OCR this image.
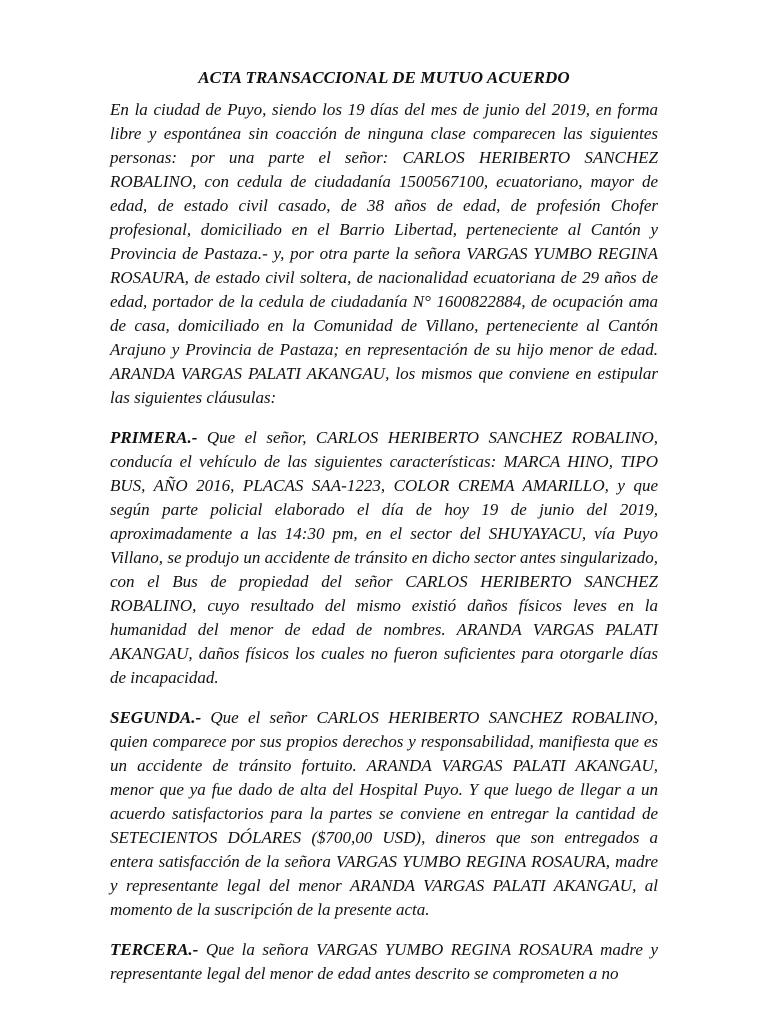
ACTA TRANSACCIONAL DE MUTUO ACUERDO

En la ciudad de Puyo, siendo los 19 días del mes de junio del 2019, en forma libre y espontánea sin coacción de ninguna clase comparecen las siguientes personas: por una parte el señor: CARLOS HERIBERTO SANCHEZ ROBALINO, con cedula de ciudadanía 1500567100, ecuatoriano, mayor de edad, de estado civil casado, de 38 años de edad, de profesión Chofer profesional, domiciliado en el Barrio Libertad, perteneciente al Cantón y Provincia de Pastaza.- y, por otra parte la señora VARGAS YUMBO REGINA ROSAURA, de estado civil soltera, de nacionalidad ecuatoriana de 29 años de edad, portador de la cedula de ciudadanía N° 1600822884, de ocupación ama de casa, domiciliado en la Comunidad de Villano, perteneciente al Cantón Arajuno y Provincia de Pastaza; en representación de su hijo menor de edad. ARANDA VARGAS PALATI AKANGAU, los mismos que conviene en estipular las siguientes cláusulas:

PRIMERA.- Que el señor, CARLOS HERIBERTO SANCHEZ ROBALINO, conducía el vehículo de las siguientes características: MARCA HINO, TIPO BUS, AÑO 2016, PLACAS SAA-1223, COLOR CREMA AMARILLO, y que según parte policial elaborado el día de hoy 19 de junio del 2019, aproximadamente a las 14:30 pm, en el sector del SHUYAYACU, vía Puyo Villano, se produjo un accidente de tránsito en dicho sector antes singularizado, con el Bus de propiedad del señor CARLOS HERIBERTO SANCHEZ ROBALINO, cuyo resultado del mismo existió daños físicos leves en la humanidad del menor de edad de nombres. ARANDA VARGAS PALATI AKANGAU, daños físicos los cuales no fueron suficientes para otorgarle días de incapacidad.

SEGUNDA.- Que el señor CARLOS HERIBERTO SANCHEZ ROBALINO, quien comparece por sus propios derechos y responsabilidad, manifiesta que es un accidente de tránsito fortuito. ARANDA VARGAS PALATI AKANGAU, menor que ya fue dado de alta del Hospital Puyo. Y que luego de llegar a un acuerdo satisfactorios para la partes se conviene en entregar la cantidad de SETECIENTOS DÓLARES ($700,00 USD), dineros que son entregados a entera satisfacción de la señora VARGAS YUMBO REGINA ROSAURA, madre y representante legal del menor ARANDA VARGAS PALATI AKANGAU, al momento de la suscripción de la presente acta.

TERCERA.- Que la señora VARGAS YUMBO REGINA ROSAURA madre y representante legal del menor de edad antes descrito se comprometen a no
